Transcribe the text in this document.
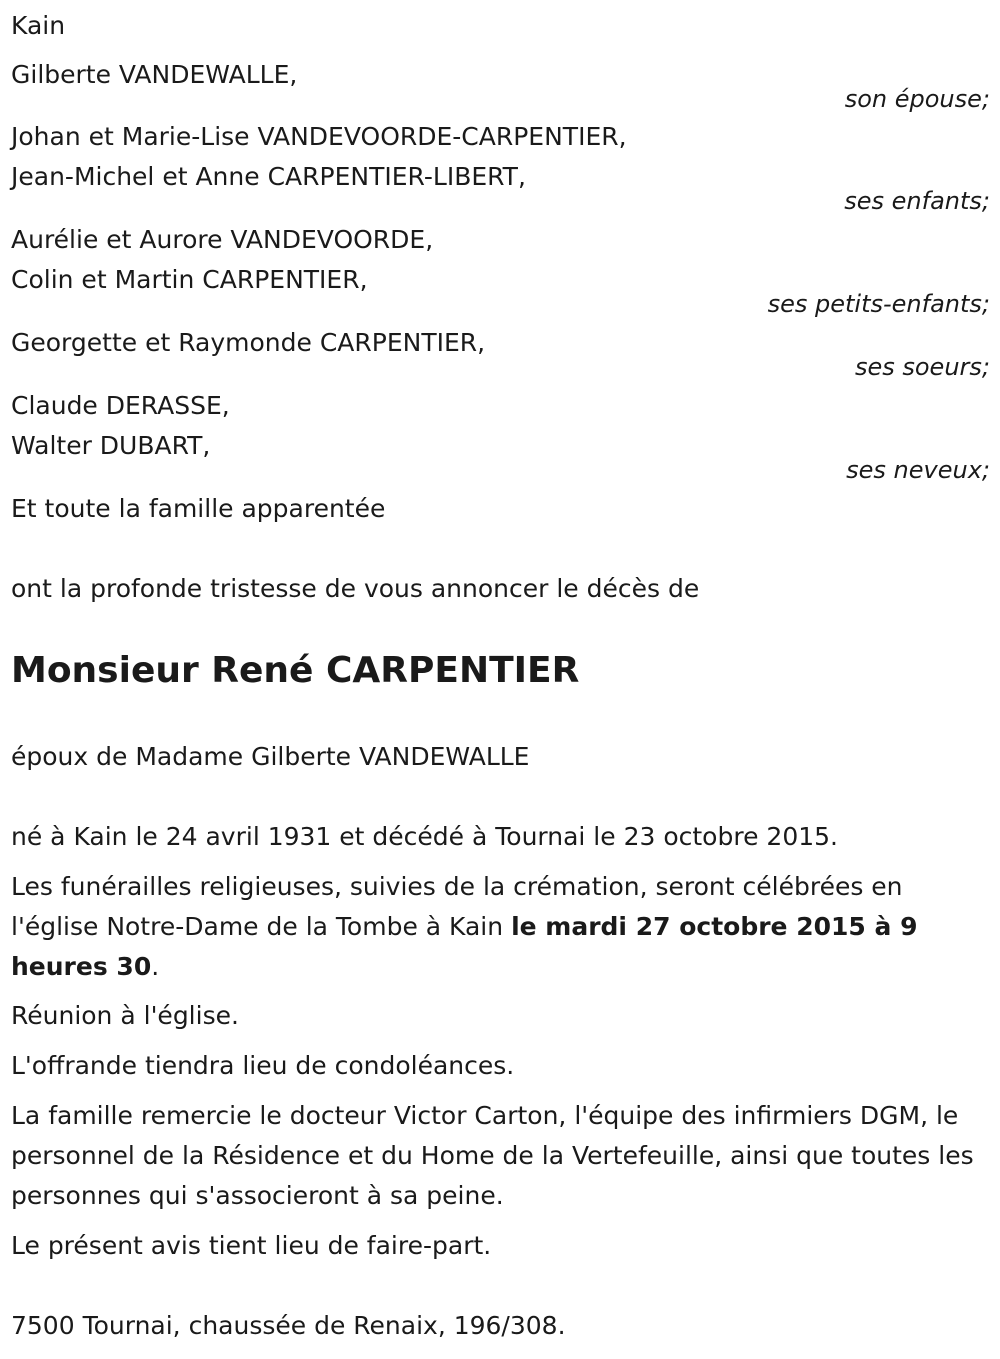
Kain
Gilberte VANDEWALLE,
son épouse;
Johan et Marie-Lise VANDEVOORDE-CARPENTIER,
Jean-Michel et Anne CARPENTIER-LIBERT,
ses enfants;
Aurélie et Aurore VANDEVOORDE,
Colin et Martin CARPENTIER,
ses petits-enfants;
Georgette et Raymonde CARPENTIER,
ses soeurs;
Claude DERASSE,
Walter DUBART,
ses neveux;
Et toute la famille apparentée
ont la profonde tristesse de vous annoncer le décès de
Monsieur René CARPENTIER
époux de Madame Gilberte VANDEWALLE
né à Kain le 24 avril 1931 et décédé à Tournai le 23 octobre 2015.
Les funérailles religieuses, suivies de la crémation, seront célébrées en l'église Notre-Dame de la Tombe à Kain le mardi 27 octobre 2015 à 9 heures 30.
Réunion à l'église.
L'offrande tiendra lieu de condoléances.
La famille remercie le docteur Victor Carton, l'équipe des infirmiers DGM, le personnel de la Résidence et du Home de la Vertefeuille, ainsi que toutes les personnes qui s'associeront à sa peine.
Le présent avis tient lieu de faire-part.
7500 Tournai, chaussée de Renaix, 196/308.
